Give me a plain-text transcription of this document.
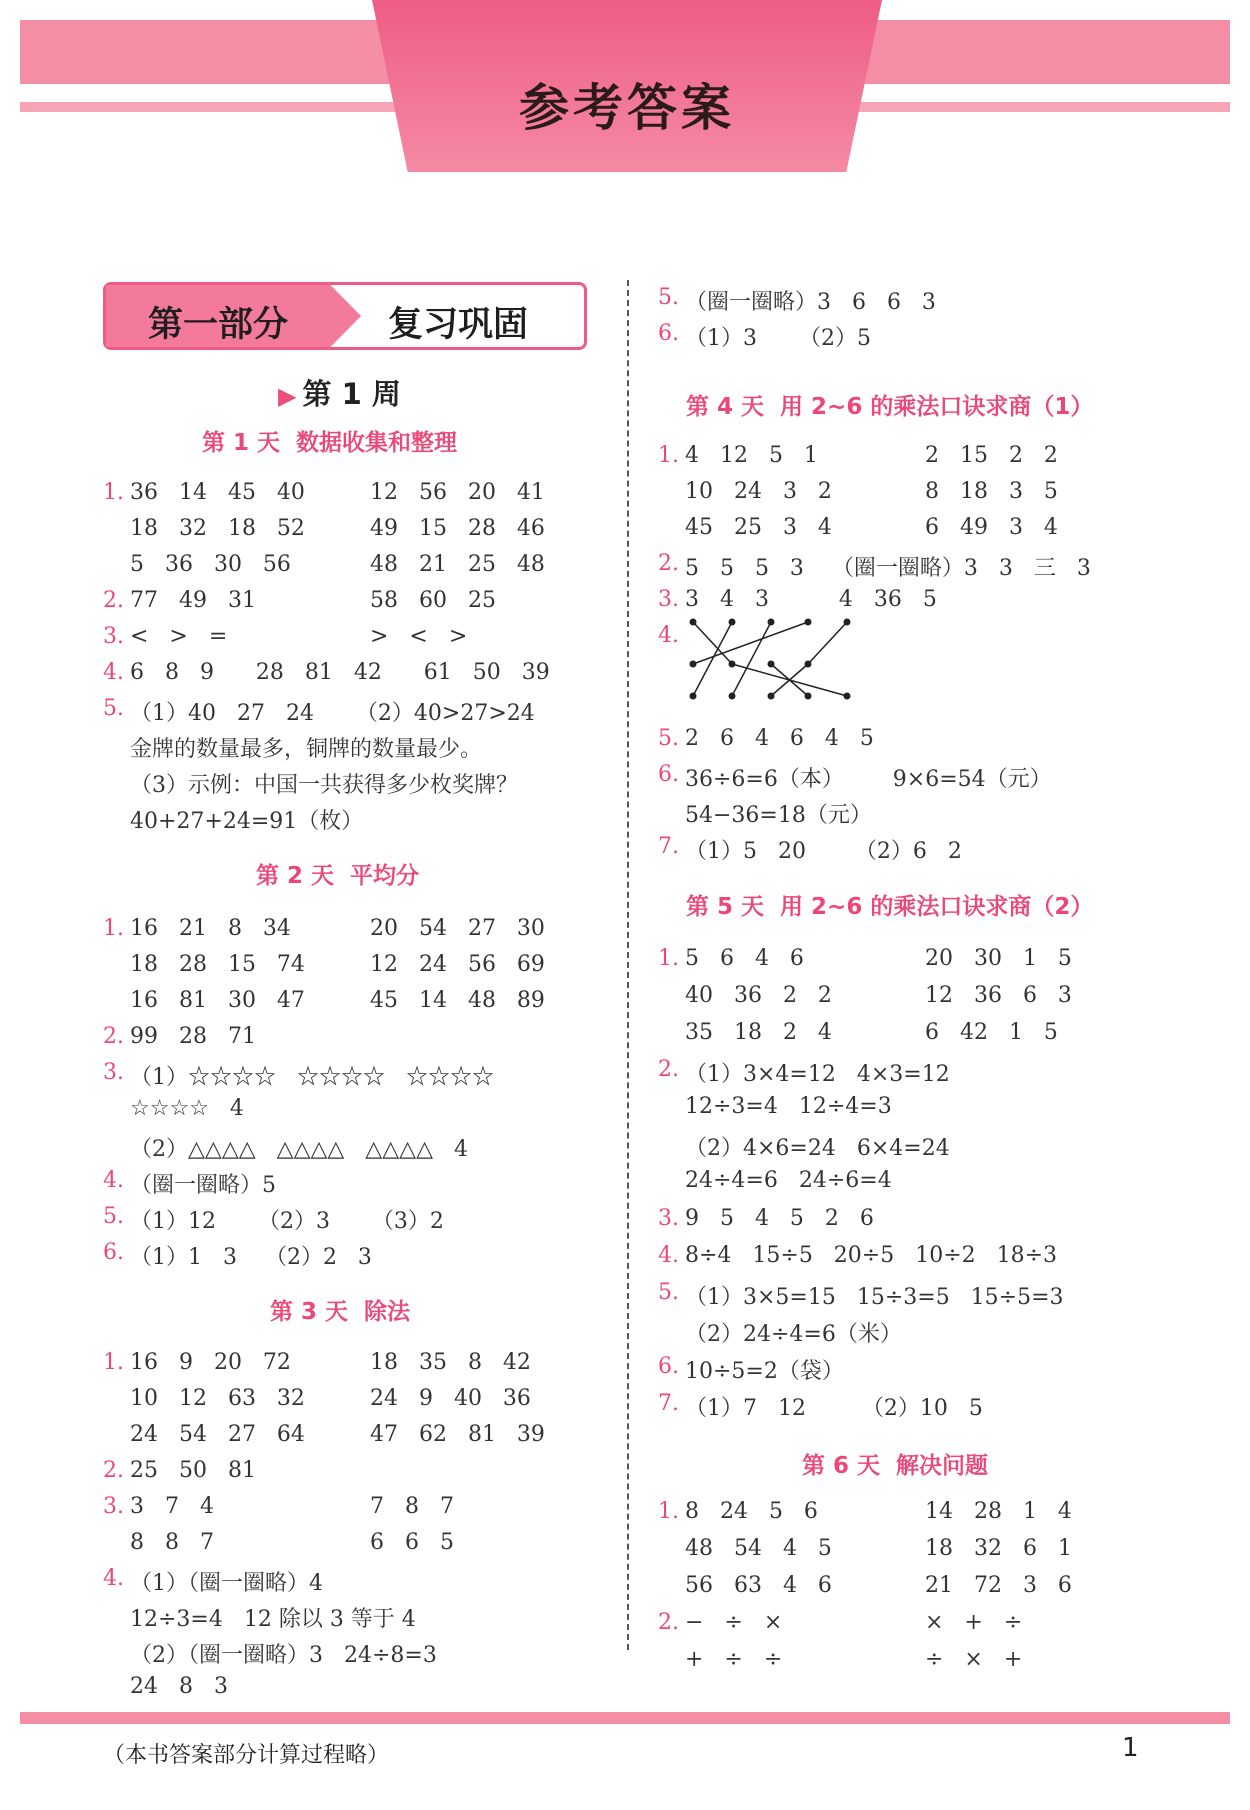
参考答案
第一部分	复习巩固
▶ 第 1 周
第 1 天  数据收集和整理
第 2 天  平均分
第 3 天  除法
第 4 天  用 2~6 的乘法口诀求商（1）
第 5 天  用 2~6 的乘法口诀求商（2）
第 6 天  解决问题
1. 36   14   45   40	12   56   20   41
18   32   18   52	49   15   28   46
5   36   30   56	48   21   25   48
2. 77   49   31	58   60   25
3. <   >   =	>   <   >
4. 6   8   9      28   81   42      61   50   39
5. （1）40   27   24      （2）40>27>24
金牌的数量最多，铜牌的数量最少。
（3）示例：中国一共获得多少枚奖牌？
40+27+24=91（枚）
1. 16   21   8   34	20   54   27   30
18   28   15   74	12   24   56   69
16   81   30   47	45   14   48   89
2. 99   28   71
3. （1）☆☆☆☆   ☆☆☆☆   ☆☆☆☆
☆☆☆☆   4
（2）△△△△   △△△△   △△△△   4
4. （圈一圈略）5
5. （1）12      （2）3      （3）2
6. （1）1   3    （2）2   3
1. 16   9   20   72	18   35   8   42
10   12   63   32	24   9   40   36
24   54   27   64	47   62   81   39
2. 25   50   81
3. 3   7   4	7   8   7
8   8   7	6   6   5
4. （1）（圈一圈略）4
12÷3=4   12 除以 3 等于 4
（2）（圈一圈略）3   24÷8=3
24   8   3
5. （圈一圈略）3   6   6   3
6. （1）3      （2）5
1. 4   12   5   1	2   15   2   2
10   24   3   2	8   18   3   5
45   25   3   4	6   49   3   4
2. 5   5   5   3    （圈一圈略）3   3   三   3
3. 3   4   3          4   36   5
4.
5. 2   6   4   6   4   5
6. 36÷6=6（本）       9×6=54（元）
54−36=18（元）
7. （1）5   20       （2）6   2
1. 5   6   4   6	20   30   1   5
40   36   2   2	12   36   6   3
35   18   2   4	6   42   1   5
2. （1）3×4=12   4×3=12
12÷3=4   12÷4=3
（2）4×6=24   6×4=24
24÷4=6   24÷6=4
3. 9   5   4   5   2   6
4. 8÷4   15÷5   20÷5   10÷2   18÷3
5. （1）3×5=15   15÷3=5   15÷5=3
（2）24÷4=6（米）
6. 10÷5=2（袋）
7. （1）7   12        （2）10   5
1. 8   24   5   6	14   28   1   4
48   54   4   5	18   32   6   1
56   63   4   6	21   72   3   6
2. −   ÷   ×	×   +   ÷
+   ÷   ÷	÷   ×   +
（本书答案部分计算过程略）	1
